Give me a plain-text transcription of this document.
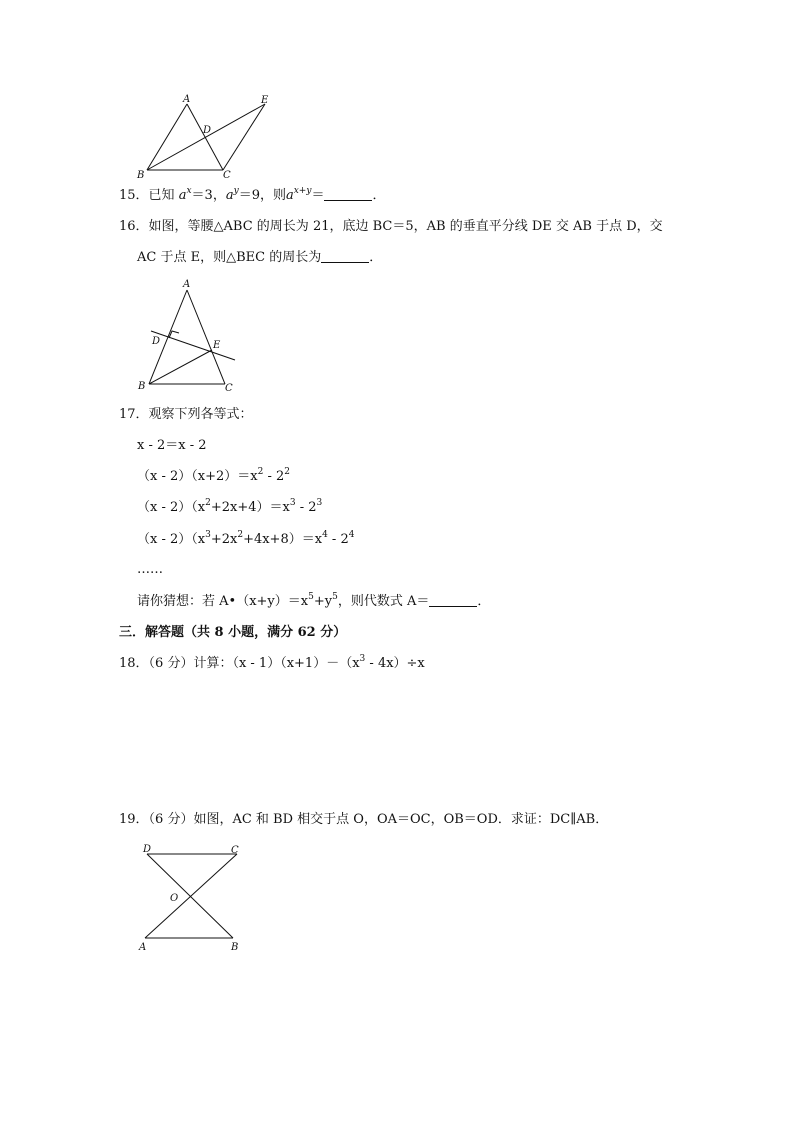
A	E
D
B	C
15．已知 $a^x=3$，$a^y=9$，则$a^{x+y}=$	．
16．如图，等腰△ABC 的周长为 21，底边 BC＝5，AB 的垂直平分线 DE 交 AB 于点 D，交
AC 于点 E，则△BEC 的周长为	．
A
D	E
B	C
17．观察下列各等式：
x - 2＝x - 2
$(x - 2)(x+2)=x^2 - 2^2$
$(x - 2)(x^2+2x+4)=x^3 - 2^3$
$(x - 2)(x^3+2x^2+4x+8)=x^4 - 2^4$
……
请你猜想：若 $A•(x+y)=x^5+y^5$，则代数式 A＝	．
三．解答题（共 8 小题，满分 62 分）
18．（6 分）计算：$(x - 1)(x+1)-(x^3 - 4x)\div x$
19．（6 分）如图，AC 和 BD 相交于点 O，OA＝OC，OB＝OD．求证：DC∥AB．
D	C
O
A	B
